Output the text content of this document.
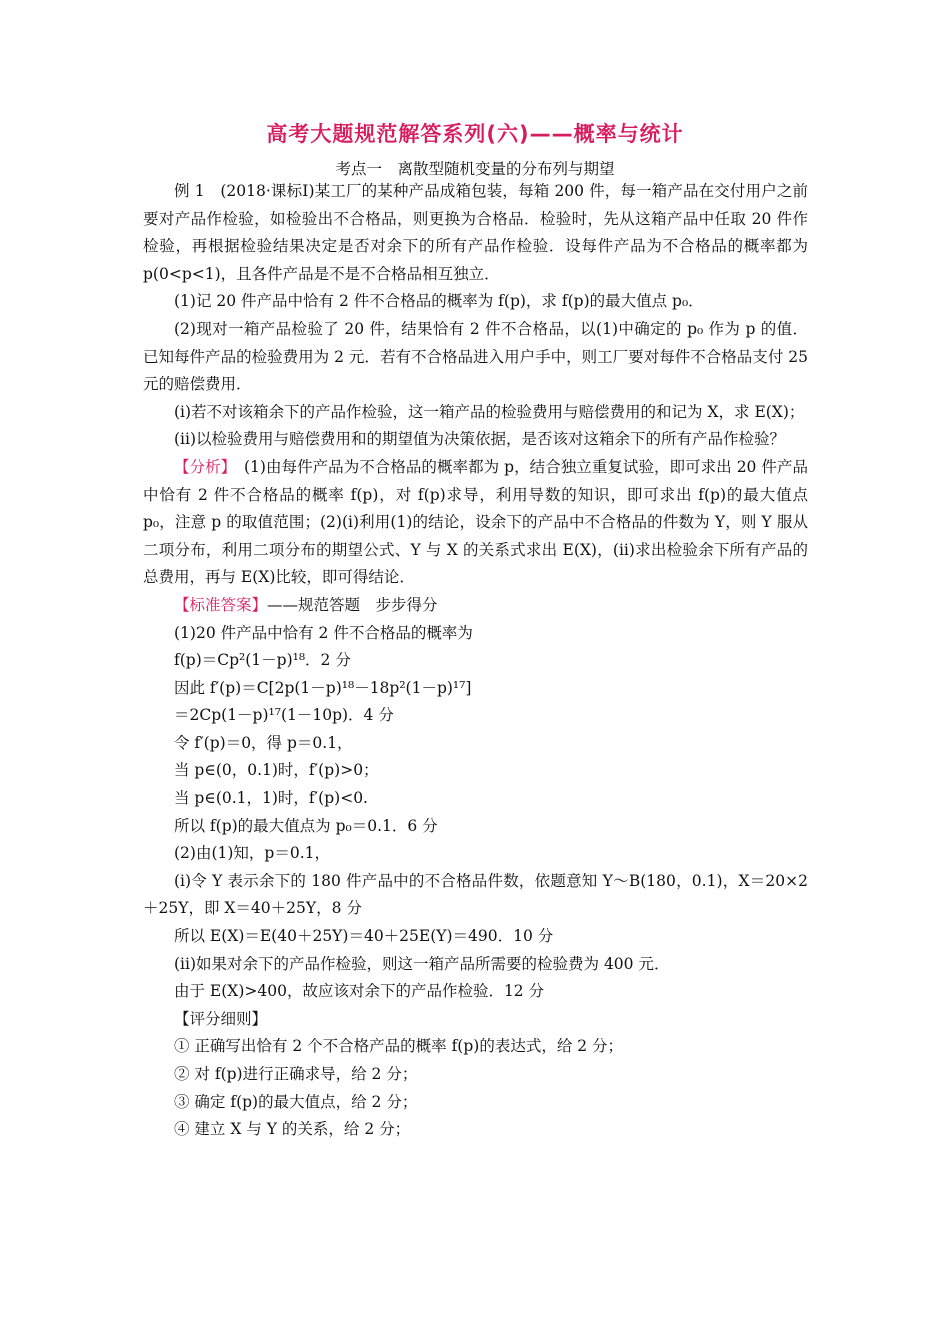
高考大题规范解答系列(六)——概率与统计
考点一　离散型随机变量的分布列与期望

例 1　(2018·课标Ⅰ)某工厂的某种产品成箱包装，每箱 200 件，每一箱产品在交付用户之前要对产品作检验，如检验出不合格品，则更换为合格品．检验时，先从这箱产品中任取 20 件作检验，再根据检验结果决定是否对余下的所有产品作检验．设每件产品为不合格品的概率都为 p(0<p<1)，且各件产品是不是不合格品相互独立．

(1)记 20 件产品中恰有 2 件不合格品的概率为 f(p)，求 f(p)的最大值点 p₀．

(2)现对一箱产品检验了 20 件，结果恰有 2 件不合格品，以(1)中确定的 p₀ 作为 p 的值．已知每件产品的检验费用为 2 元．若有不合格品进入用户手中，则工厂要对每件不合格品支付 25 元的赔偿费用．

(i)若不对该箱余下的产品作检验，这一箱产品的检验费用与赔偿费用的和记为 X，求 E(X)；

(ii)以检验费用与赔偿费用和的期望值为决策依据，是否该对这箱余下的所有产品作检验？

【分析】　(1)由每件产品为不合格品的概率都为 p，结合独立重复试验，即可求出 20 件产品中恰有 2 件不合格品的概率 f(p)，对 f(p)求导，利用导数的知识，即可求出 f(p)的最大值点 p₀，注意 p 的取值范围；(2)(i)利用(1)的结论，设余下的产品中不合格品的件数为 Y，则 Y 服从二项分布，利用二项分布的期望公式、Y 与 X 的关系式求出 E(X)，(ii)求出检验余下所有产品的总费用，再与 E(X)比较，即可得结论．

【标准答案】——规范答题　步步得分

(1)20 件产品中恰有 2 件不合格品的概率为

f(p)＝Cp²(1－p)¹⁸．2 分

因此 f′(p)＝C[2p(1－p)¹⁸－18p²(1－p)¹⁷]

＝2Cp(1－p)¹⁷(1－10p)．4 分

令 f′(p)＝0，得 p＝0.1，

当 p∈(0，0.1)时，f′(p)>0；

当 p∈(0.1，1)时，f′(p)<0.

所以 f(p)的最大值点为 p₀＝0.1．6 分

(2)由(1)知，p＝0.1，

(i)令 Y 表示余下的 180 件产品中的不合格品件数，依题意知 Y～B(180，0.1)，X＝20×2＋25Y，即 X＝40＋25Y，8 分

所以 E(X)＝E(40＋25Y)＝40＋25E(Y)＝490．10 分

(ii)如果对余下的产品作检验，则这一箱产品所需要的检验费为 400 元．

由于 E(X)>400，故应该对余下的产品作检验．12 分

【评分细则】

① 正确写出恰有 2 个不合格产品的概率 f(p)的表达式，给 2 分；

② 对 f(p)进行正确求导，给 2 分；

③ 确定 f(p)的最大值点，给 2 分；

④ 建立 X 与 Y 的关系，给 2 分；
